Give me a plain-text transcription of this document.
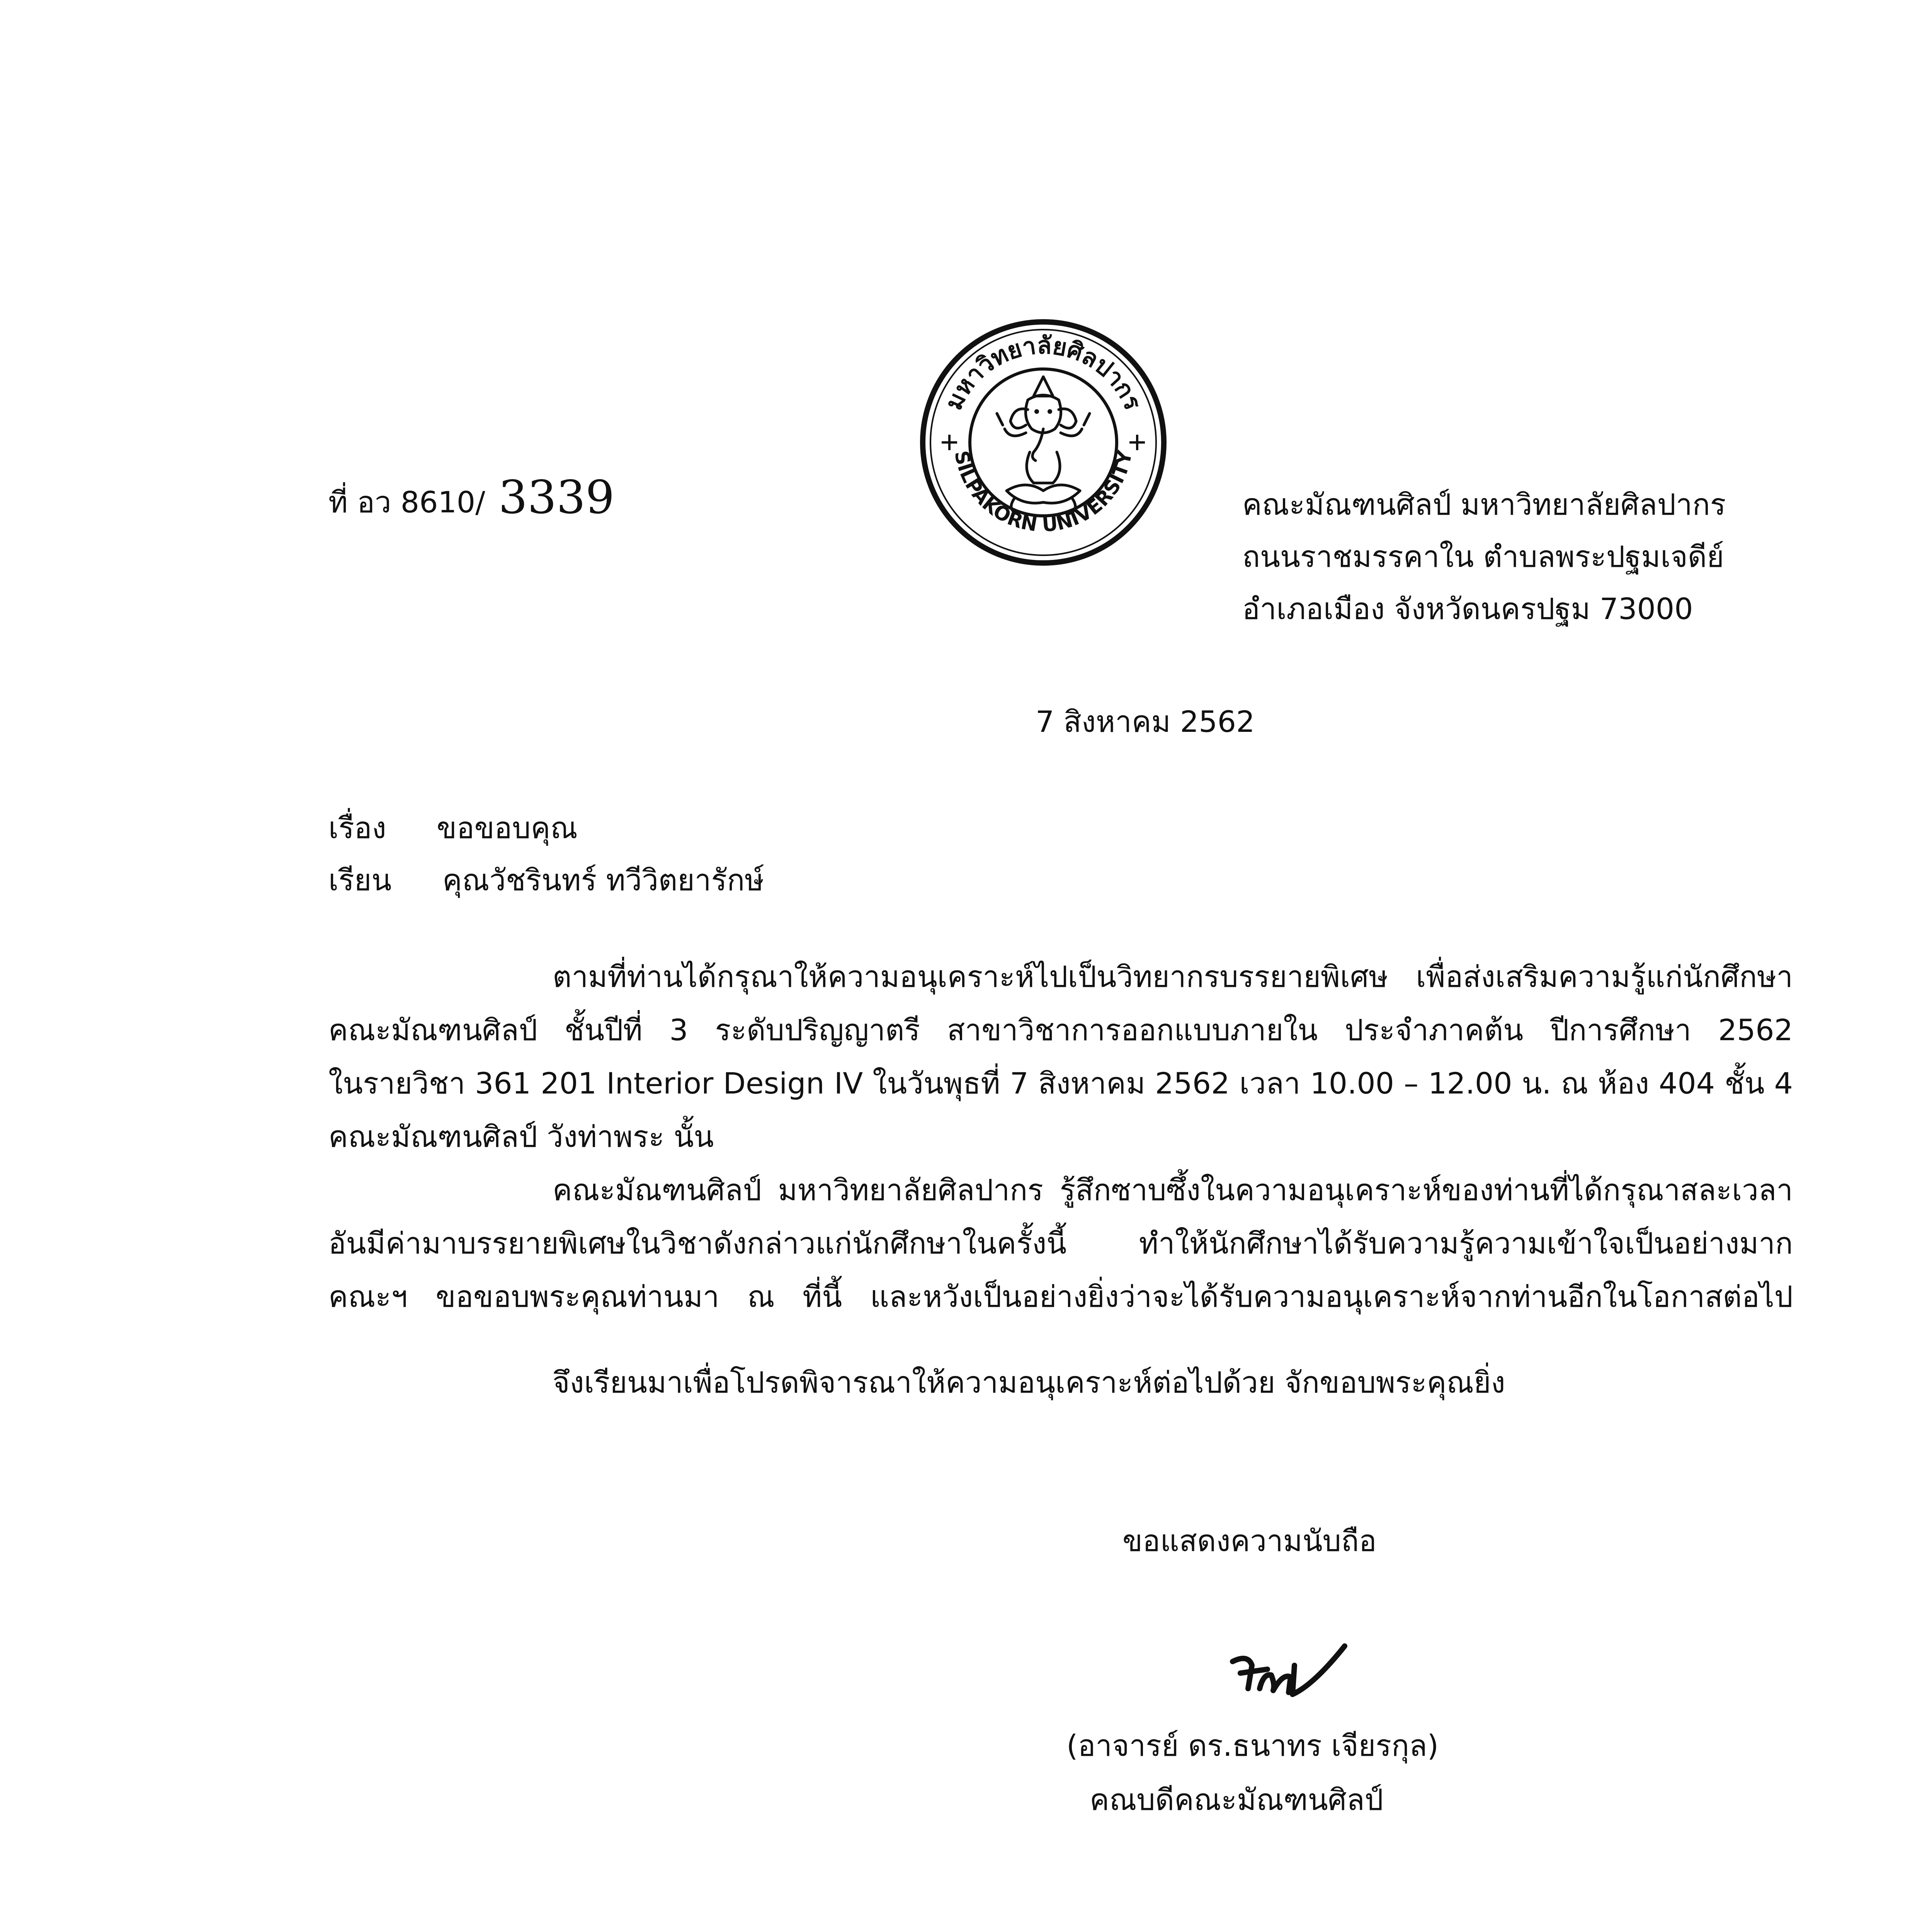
มหาวิทยาลัยศิลปากร
SILPAKORN UNIVERSITY
ที่ อว 8610/ 3339	คณะมัณฑนศิลป์ มหาวิทยาลัยศิลปากร
ถนนราชมรรคาใน ตำบลพระปฐมเจดีย์
อำเภอเมือง จังหวัดนครปฐม 73000
7 สิงหาคม 2562
เรื่อง ขอขอบคุณ
เรียน คุณวัชรินทร์ ทวีวิตยารักษ์
ตามที่ท่านได้กรุณาให้ความอนุเคราะห์ไปเป็นวิทยากรบรรยายพิเศษ เพื่อส่งเสริมความรู้แก่นักศึกษา
คณะมัณฑนศิลป์ ชั้นปีที่ 3 ระดับปริญญาตรี สาขาวิชาการออกแบบภายใน ประจำภาคต้น ปีการศึกษา 2562
ในรายวิชา 361 201 Interior Design IV ในวันพุธที่ 7 สิงหาคม 2562 เวลา 10.00 – 12.00 น. ณ ห้อง 404 ชั้น 4
คณะมัณฑนศิลป์ วังท่าพระ นั้น
คณะมัณฑนศิลป์ มหาวิทยาลัยศิลปากร รู้สึกซาบซึ้งในความอนุเคราะห์ของท่านที่ได้กรุณาสละเวลา
อันมีค่ามาบรรยายพิเศษในวิชาดังกล่าวแก่นักศึกษาในครั้งนี้ ทำให้นักศึกษาได้รับความรู้ความเข้าใจเป็นอย่างมาก
คณะฯ ขอขอบพระคุณท่านมา ณ ที่นี้ และหวังเป็นอย่างยิ่งว่าจะได้รับความอนุเคราะห์จากท่านอีกในโอกาสต่อไป
จึงเรียนมาเพื่อโปรดพิจารณาให้ความอนุเคราะห์ต่อไปด้วย จักขอบพระคุณยิ่ง
ขอแสดงความนับถือ
(อาจารย์ ดร.ธนาทร เจียรกุล)
คณบดีคณะมัณฑนศิลป์
